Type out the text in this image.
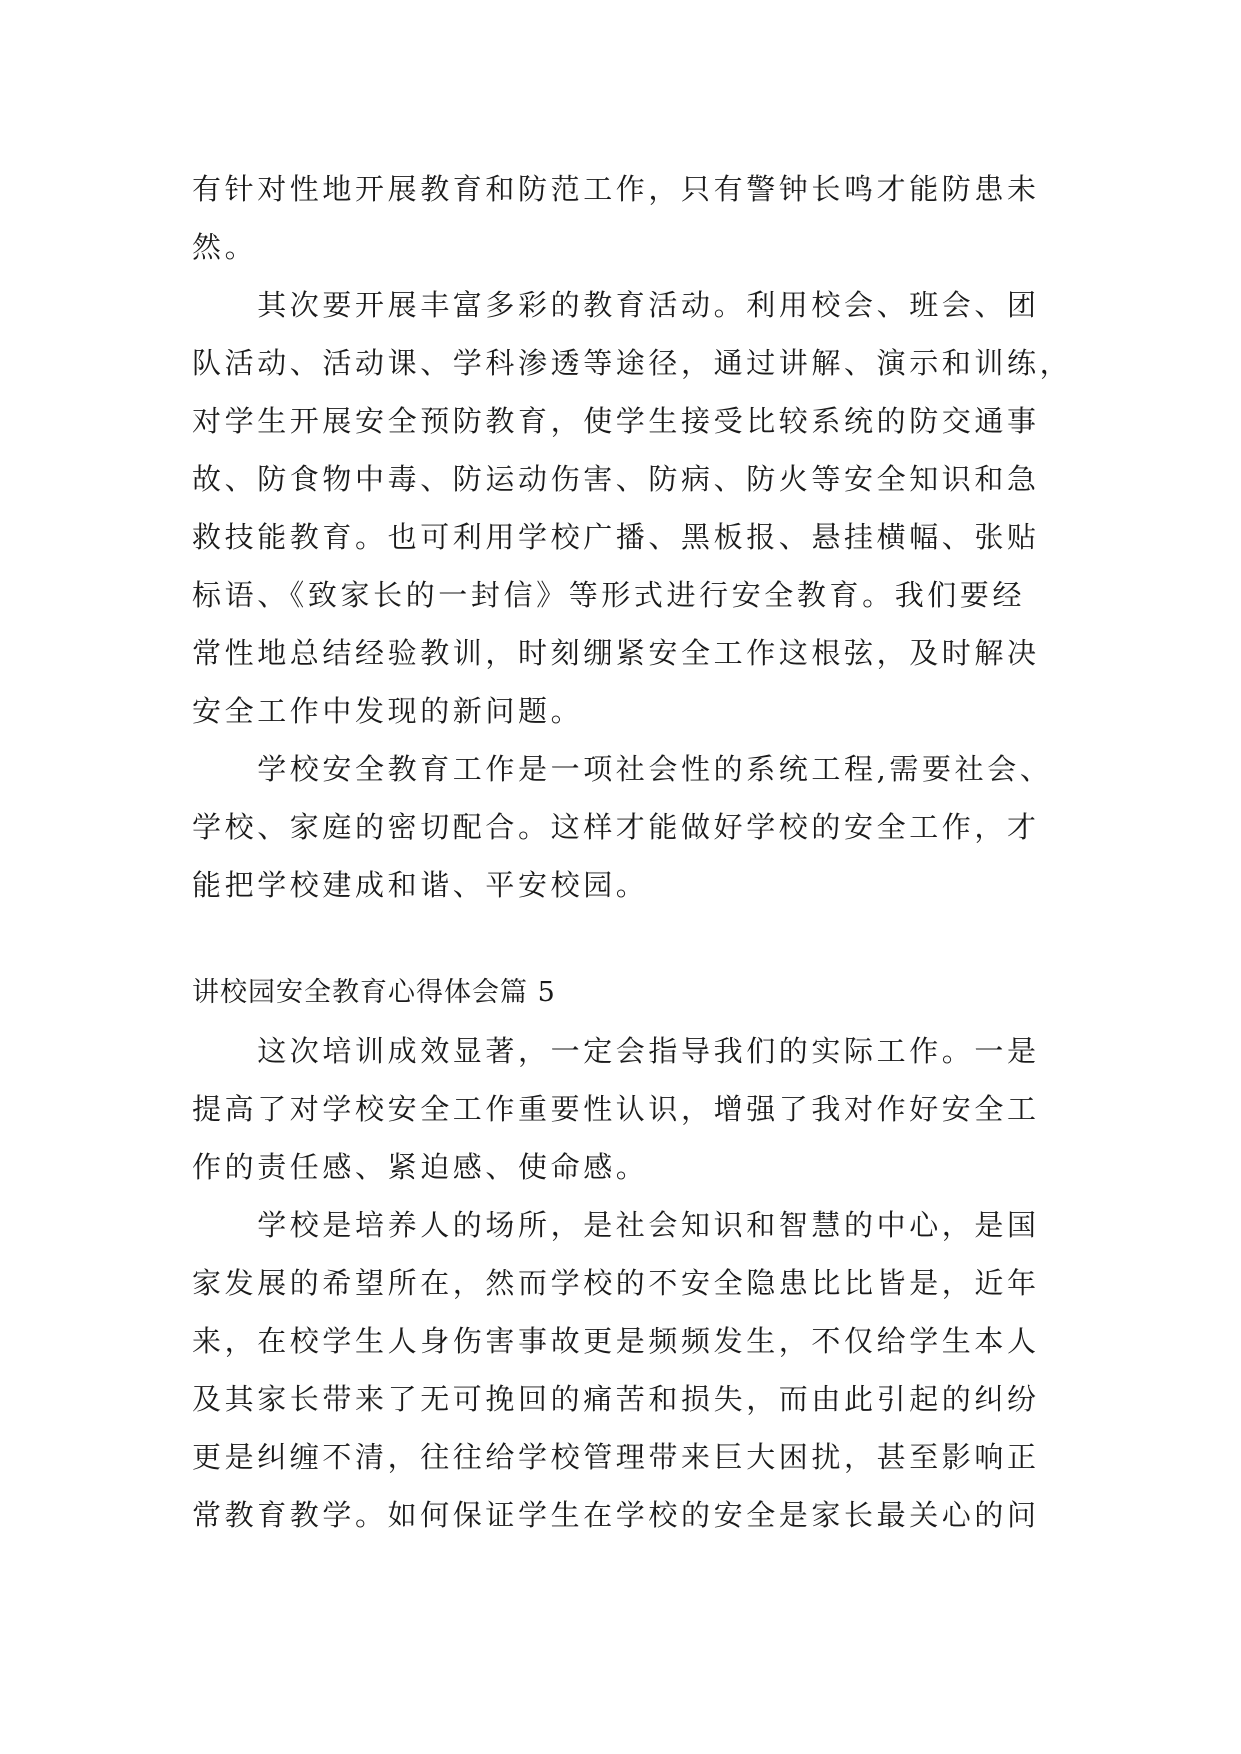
有针对性地开展教育和防范工作，只有警钟长鸣才能防患未
然。
　　其次要开展丰富多彩的教育活动。利用校会、班会、团
队活动、活动课、学科渗透等途径，通过讲解、演示和训练，
对学生开展安全预防教育，使学生接受比较系统的防交通事
故、防食物中毒、防运动伤害、防病、防火等安全知识和急
救技能教育。也可利用学校广播、黑板报、悬挂横幅、张贴
标语、《致家长的一封信》等形式进行安全教育。我们要经
常性地总结经验教训，时刻绷紧安全工作这根弦，及时解决
安全工作中发现的新问题。
　　学校安全教育工作是一项社会性的系统工程,需要社会、
学校、家庭的密切配合。这样才能做好学校的安全工作，才
能把学校建成和谐、平安校园。
讲校园安全教育心得体会篇 5
　　这次培训成效显著，一定会指导我们的实际工作。一是
提高了对学校安全工作重要性认识，增强了我对作好安全工
作的责任感、紧迫感、使命感。
　　学校是培养人的场所，是社会知识和智慧的中心，是国
家发展的希望所在，然而学校的不安全隐患比比皆是，近年
来，在校学生人身伤害事故更是频频发生，不仅给学生本人
及其家长带来了无可挽回的痛苦和损失，而由此引起的纠纷
更是纠缠不清，往往给学校管理带来巨大困扰，甚至影响正
常教育教学。如何保证学生在学校的安全是家长最关心的问
